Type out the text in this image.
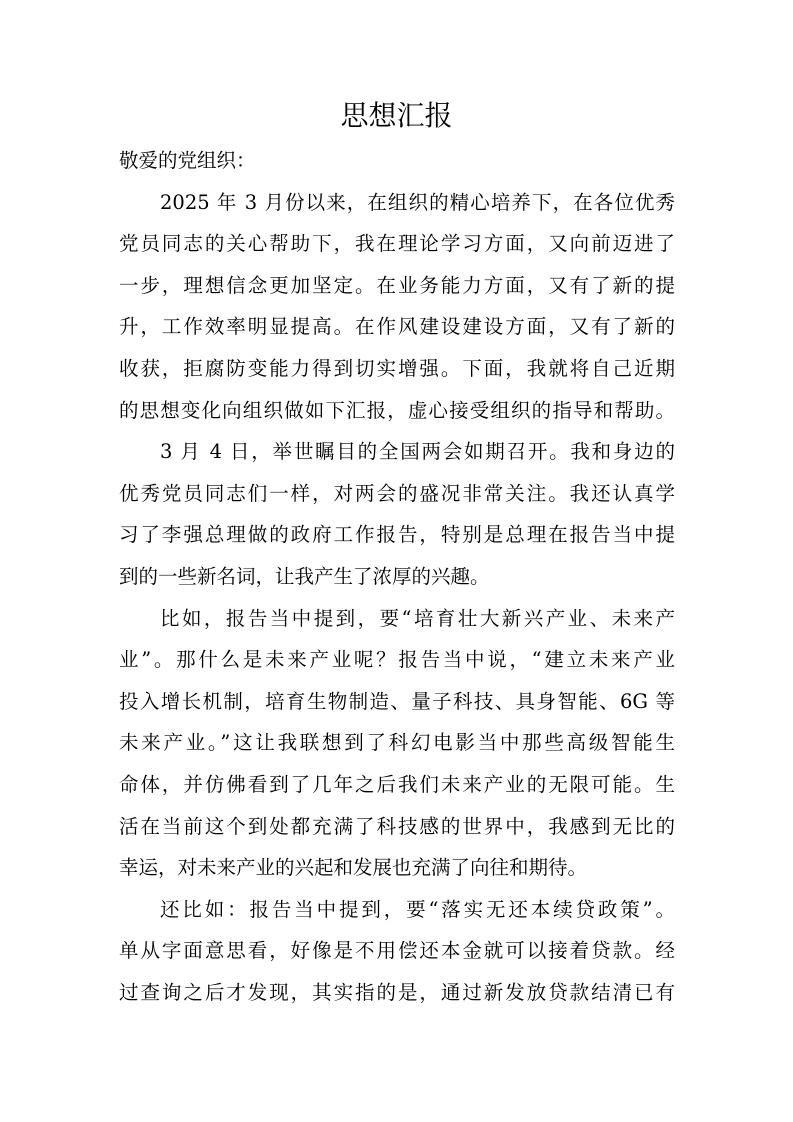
思想汇报
敬爱的党组织：
2025 年 3 月份以来，在组织的精心培养下，在各位优秀
党员同志的关心帮助下，我在理论学习方面，又向前迈进了
一步，理想信念更加坚定。在业务能力方面，又有了新的提
升，工作效率明显提高。在作风建设建设方面，又有了新的
收获，拒腐防变能力得到切实增强。下面，我就将自己近期
的思想变化向组织做如下汇报，虚心接受组织的指导和帮助。
3 月 4 日，举世瞩目的全国两会如期召开。我和身边的
优秀党员同志们一样，对两会的盛况非常关注。我还认真学
习了李强总理做的政府工作报告，特别是总理在报告当中提
到的一些新名词，让我产生了浓厚的兴趣。
比如，报告当中提到，要“培育壮大新兴产业、未来产
业”。那什么是未来产业呢？报告当中说，“建立未来产业
投入增长机制，培育生物制造、量子科技、具身智能、6G 等
未来产业。”这让我联想到了科幻电影当中那些高级智能生
命体，并仿佛看到了几年之后我们未来产业的无限可能。生
活在当前这个到处都充满了科技感的世界中，我感到无比的
幸运，对未来产业的兴起和发展也充满了向往和期待。
还比如：报告当中提到，要“落实无还本续贷政策”。
单从字面意思看，好像是不用偿还本金就可以接着贷款。经
过查询之后才发现，其实指的是，通过新发放贷款结清已有
